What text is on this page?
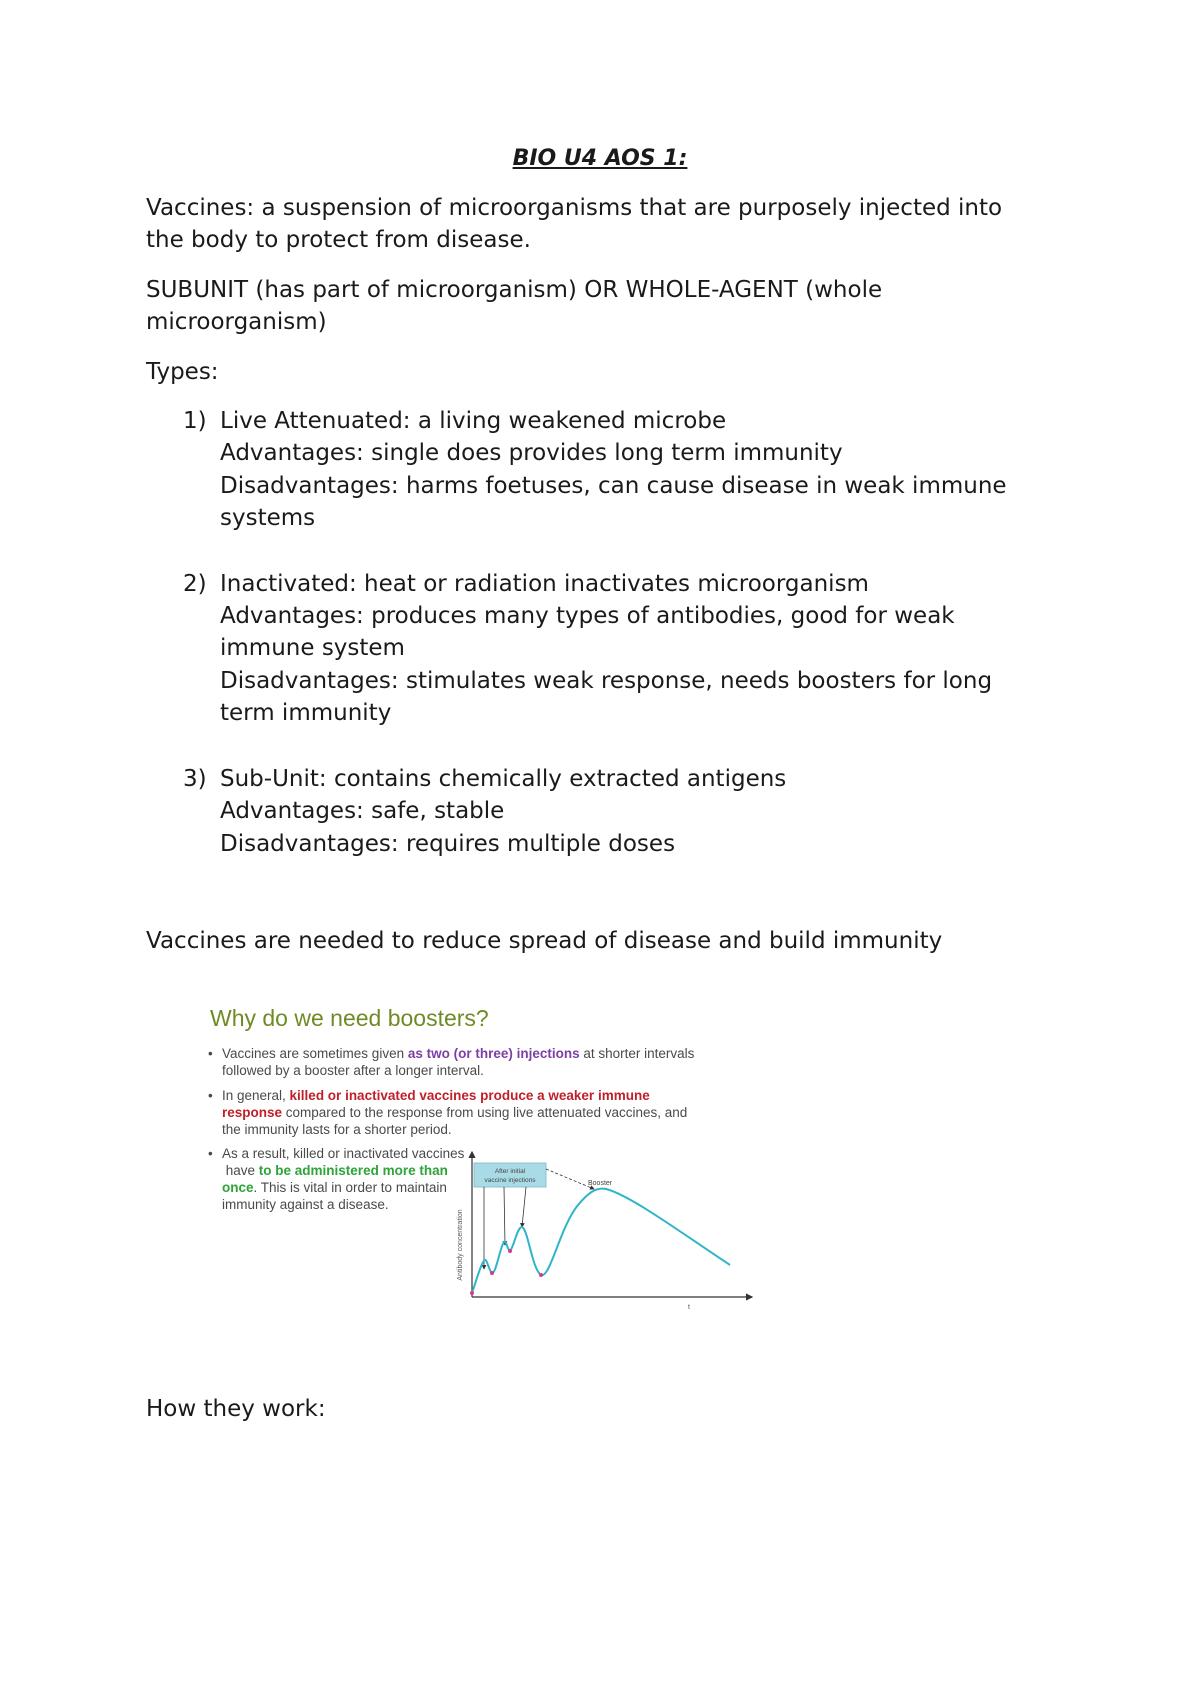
BIO U4 AOS 1:
Vaccines: a suspension of microorganisms that are purposely injected into
the body to protect from disease.
SUBUNIT (has part of microorganism) OR WHOLE-AGENT (whole
microorganism)
Types:
1) Live Attenuated: a living weakened microbe
Advantages: single does provides long term immunity
Disadvantages: harms foetuses, can cause disease in weak immune
systems
2) Inactivated: heat or radiation inactivates microorganism
Advantages: produces many types of antibodies, good for weak
immune system
Disadvantages: stimulates weak response, needs boosters for long
term immunity
3) Sub-Unit: contains chemically extracted antigens
Advantages: safe, stable
Disadvantages: requires multiple doses
Vaccines are needed to reduce spread of disease and build immunity
Why do we need boosters?
• Vaccines are sometimes given as two (or three) injections at shorter intervals
followed by a booster after a longer interval.
• In general, killed or inactivated vaccines produce a weaker immune
response compared to the response from using live attenuated vaccines, and
the immunity lasts for a shorter period.
• As a result, killed or inactivated vaccines
have to be administered more than
once. This is vital in order to maintain
immunity against a disease.
Antibody concentration
t
After initial
vaccine injections	Booster
How they work:
